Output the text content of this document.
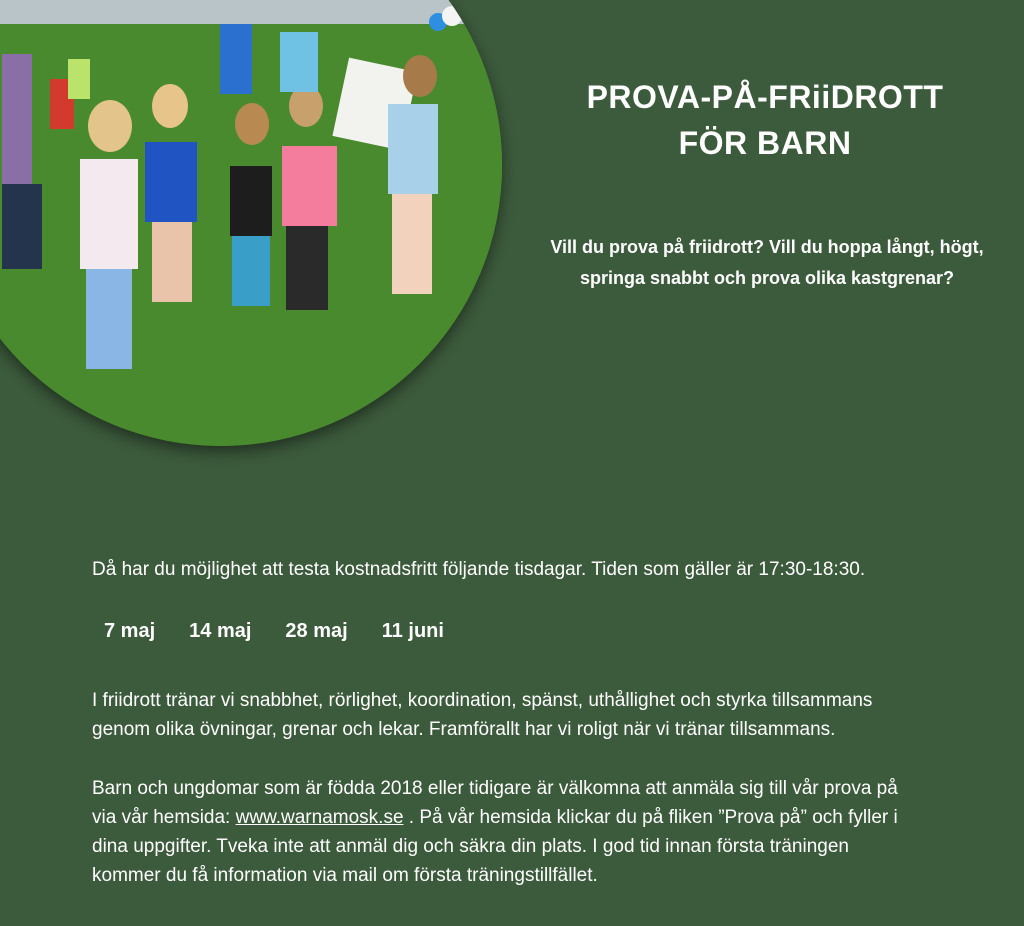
PROVA-PÅ-FRiiDROTT
FÖR BARN
Vill du prova på friidrott? Vill du hoppa långt, högt, springa snabbt och prova olika kastgrenar?
Då har du möjlighet att testa kostnadsfritt följande tisdagar. Tiden som gäller är 17:30-18:30.
7 maj 14 maj 28 maj 11 juni
I friidrott tränar vi snabbhet, rörlighet, koordination, spänst, uthållighet och styrka tillsammans genom olika övningar, grenar och lekar. Framförallt har vi roligt när vi tränar tillsammans.
Barn och ungdomar som är födda 2018 eller tidigare är välkomna att anmäla sig till vår prova på via vår hemsida: www.warnamosk.se . På vår hemsida klickar du på fliken ”Prova på” och fyller i dina uppgifter. Tveka inte att anmäl dig och säkra din plats. I god tid innan första träningen kommer du få information via mail om första träningstillfället.
